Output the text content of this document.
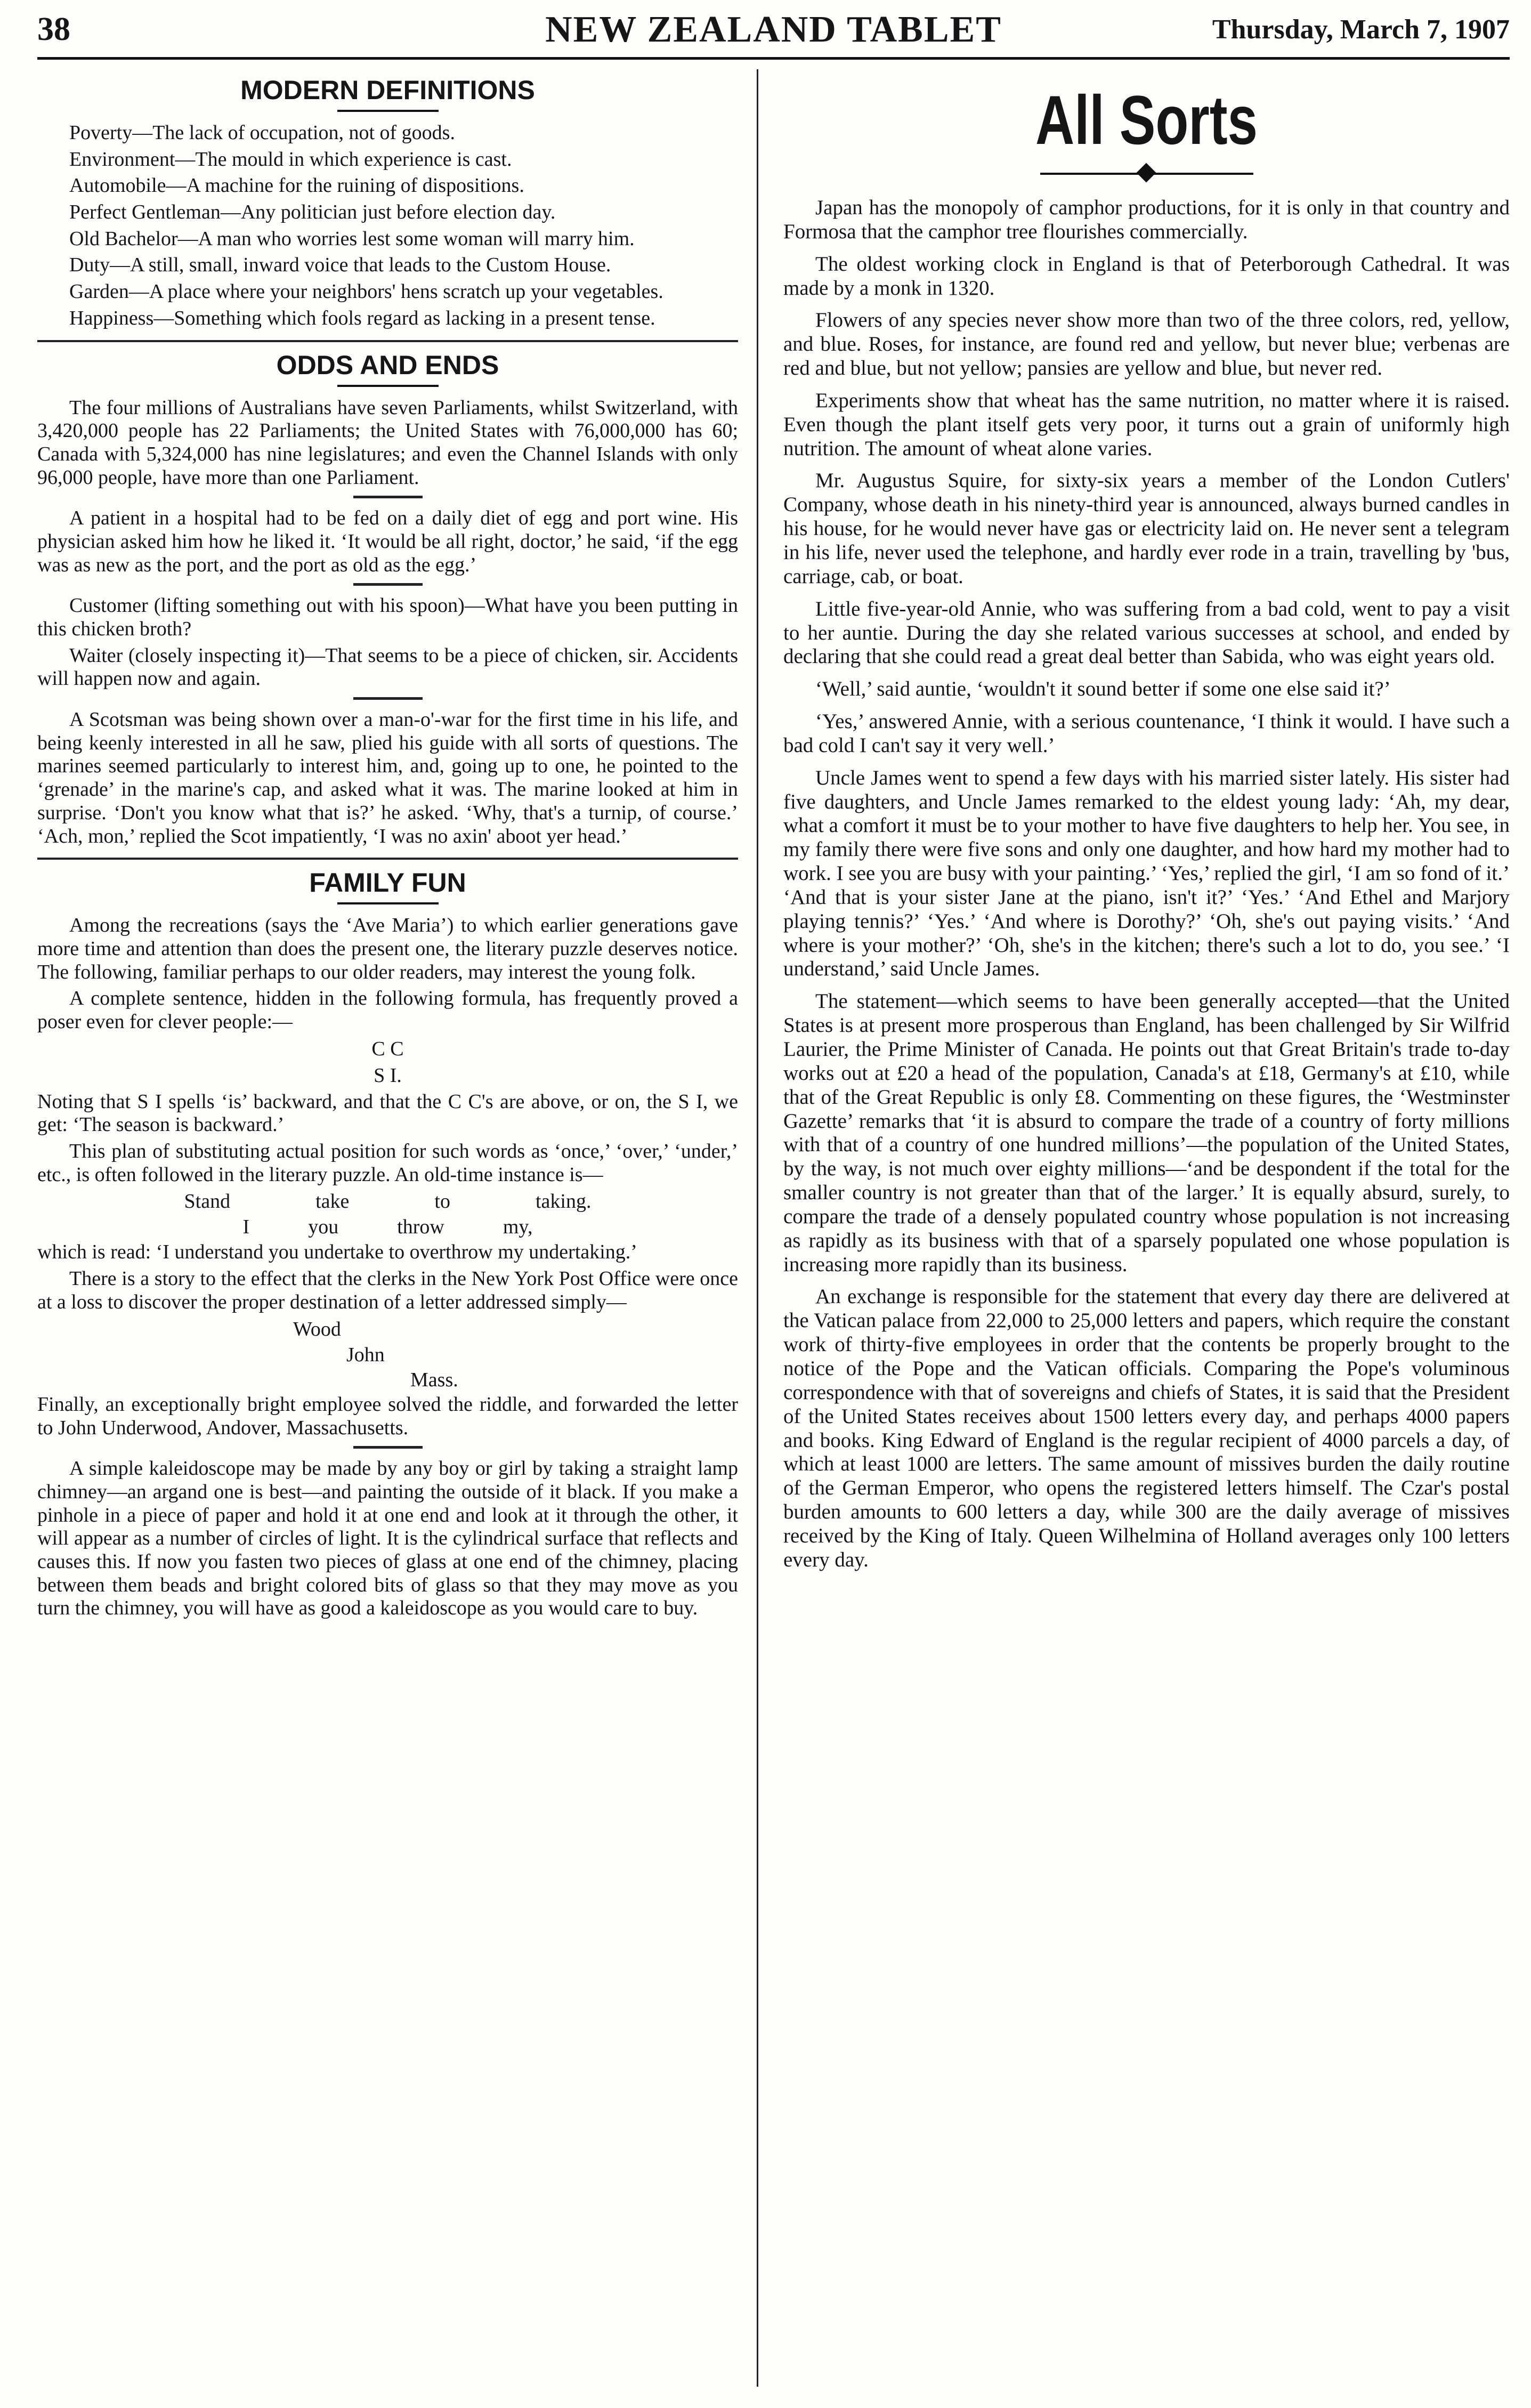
38	NEW ZEALAND TABLET	Thursday, March 7, 1907
MODERN DEFINITIONS

Poverty—The lack of occupation, not of goods.

Environment—The mould in which experience is cast.

Automobile—A machine for the ruining of dispositions.

Perfect Gentleman—Any politician just before election day.

Old Bachelor—A man who worries lest some woman will marry him.

Duty—A still, small, inward voice that leads to the Custom House.

Garden—A place where your neighbors' hens scratch up your vegetables.

Happiness—Something which fools regard as lacking in a present tense.

ODDS AND ENDS

The four millions of Australians have seven Parliaments, whilst Switzerland, with 3,420,000 people has 22 Parliaments; the United States with 76,000,000 has 60; Canada with 5,324,000 has nine legislatures; and even the Channel Islands with only 96,000 people, have more than one Parliament.

A patient in a hospital had to be fed on a daily diet of egg and port wine. His physician asked him how he liked it. ‘It would be all right, doctor,’ he said, ‘if the egg was as new as the port, and the port as old as the egg.’

Customer (lifting something out with his spoon)—What have you been putting in this chicken broth?

Waiter (closely inspecting it)—That seems to be a piece of chicken, sir. Accidents will happen now and again.

A Scotsman was being shown over a man-o'-war for the first time in his life, and being keenly interested in all he saw, plied his guide with all sorts of questions. The marines seemed particularly to interest him, and, going up to one, he pointed to the ‘grenade’ in the marine's cap, and asked what it was. The marine looked at him in surprise. ‘Don't you know what that is?’ he asked. ‘Why, that's a turnip, of course.’ ‘Ach, mon,’ replied the Scot impatiently, ‘I was no axin' aboot yer head.’

FAMILY FUN

Among the recreations (says the ‘Ave Maria’) to which earlier generations gave more time and attention than does the present one, the literary puzzle deserves notice. The following, familiar perhaps to our older readers, may interest the young folk.

A complete sentence, hidden in the following formula, has frequently proved a poser even for clever people:—

C C
S I.

Noting that S I spells ‘is’ backward, and that the C C's are above, or on, the S I, we get: ‘The season is backward.’

This plan of substituting actual position for such words as ‘once,’ ‘over,’ ‘under,’ etc., is often followed in the literary puzzle. An old-time instance is—

Stand	take	to	taking.
I	you	throw	my,

which is read: ‘I understand you undertake to overthrow my undertaking.’

There is a story to the effect that the clerks in the New York Post Office were once at a loss to discover the proper destination of a letter addressed simply—

Wood
John
Mass.

Finally, an exceptionally bright employee solved the riddle, and forwarded the letter to John Underwood, Andover, Massachusetts.

A simple kaleidoscope may be made by any boy or girl by taking a straight lamp chimney—an argand one is best—and painting the outside of it black. If you make a pinhole in a piece of paper and hold it at one end and look at it through the other, it will appear as a number of circles of light. It is the cylindrical surface that reflects and causes this. If now you fasten two pieces of glass at one end of the chimney, placing between them beads and bright colored bits of glass so that they may move as you turn the chimney, you will have as good a kaleidoscope as you would care to buy.

All Sorts

Japan has the monopoly of camphor productions, for it is only in that country and Formosa that the camphor tree flourishes commercially.

The oldest working clock in England is that of Peterborough Cathedral. It was made by a monk in 1320.

Flowers of any species never show more than two of the three colors, red, yellow, and blue. Roses, for instance, are found red and yellow, but never blue; verbenas are red and blue, but not yellow; pansies are yellow and blue, but never red.

Experiments show that wheat has the same nutrition, no matter where it is raised. Even though the plant itself gets very poor, it turns out a grain of uniformly high nutrition. The amount of wheat alone varies.

Mr. Augustus Squire, for sixty-six years a member of the London Cutlers' Company, whose death in his ninety-third year is announced, always burned candles in his house, for he would never have gas or electricity laid on. He never sent a telegram in his life, never used the telephone, and hardly ever rode in a train, travelling by 'bus, carriage, cab, or boat.

Little five-year-old Annie, who was suffering from a bad cold, went to pay a visit to her auntie. During the day she related various successes at school, and ended by declaring that she could read a great deal better than Sabida, who was eight years old.

‘Well,’ said auntie, ‘wouldn't it sound better if some one else said it?’

‘Yes,’ answered Annie, with a serious countenance, ‘I think it would. I have such a bad cold I can't say it very well.’

Uncle James went to spend a few days with his married sister lately. His sister had five daughters, and Uncle James remarked to the eldest young lady: ‘Ah, my dear, what a comfort it must be to your mother to have five daughters to help her. You see, in my family there were five sons and only one daughter, and how hard my mother had to work. I see you are busy with your painting.’ ‘Yes,’ replied the girl, ‘I am so fond of it.’ ‘And that is your sister Jane at the piano, isn't it?’ ‘Yes.’ ‘And Ethel and Marjory playing tennis?’ ‘Yes.’ ‘And where is Dorothy?’ ‘Oh, she's out paying visits.’ ‘And where is your mother?’ ‘Oh, she's in the kitchen; there's such a lot to do, you see.’ ‘I understand,’ said Uncle James.

The statement—which seems to have been generally accepted—that the United States is at present more prosperous than England, has been challenged by Sir Wilfrid Laurier, the Prime Minister of Canada. He points out that Great Britain's trade to-day works out at £20 a head of the population, Canada's at £18, Germany's at £10, while that of the Great Republic is only £8. Commenting on these figures, the ‘Westminster Gazette’ remarks that ‘it is absurd to compare the trade of a country of forty millions with that of a country of one hundred millions’—the population of the United States, by the way, is not much over eighty millions—‘and be despondent if the total for the smaller country is not greater than that of the larger.’ It is equally absurd, surely, to compare the trade of a densely populated country whose population is not increasing as rapidly as its business with that of a sparsely populated one whose population is increasing more rapidly than its business.

An exchange is responsible for the statement that every day there are delivered at the Vatican palace from 22,000 to 25,000 letters and papers, which require the constant work of thirty-five employees in order that the contents be properly brought to the notice of the Pope and the Vatican officials. Comparing the Pope's voluminous correspondence with that of sovereigns and chiefs of States, it is said that the President of the United States receives about 1500 letters every day, and perhaps 4000 papers and books. King Edward of England is the regular recipient of 4000 parcels a day, of which at least 1000 are letters. The same amount of missives burden the daily routine of the German Emperor, who opens the registered letters himself. The Czar's postal burden amounts to 600 letters a day, while 300 are the daily average of missives received by the King of Italy. Queen Wilhelmina of Holland averages only 100 letters every day.
